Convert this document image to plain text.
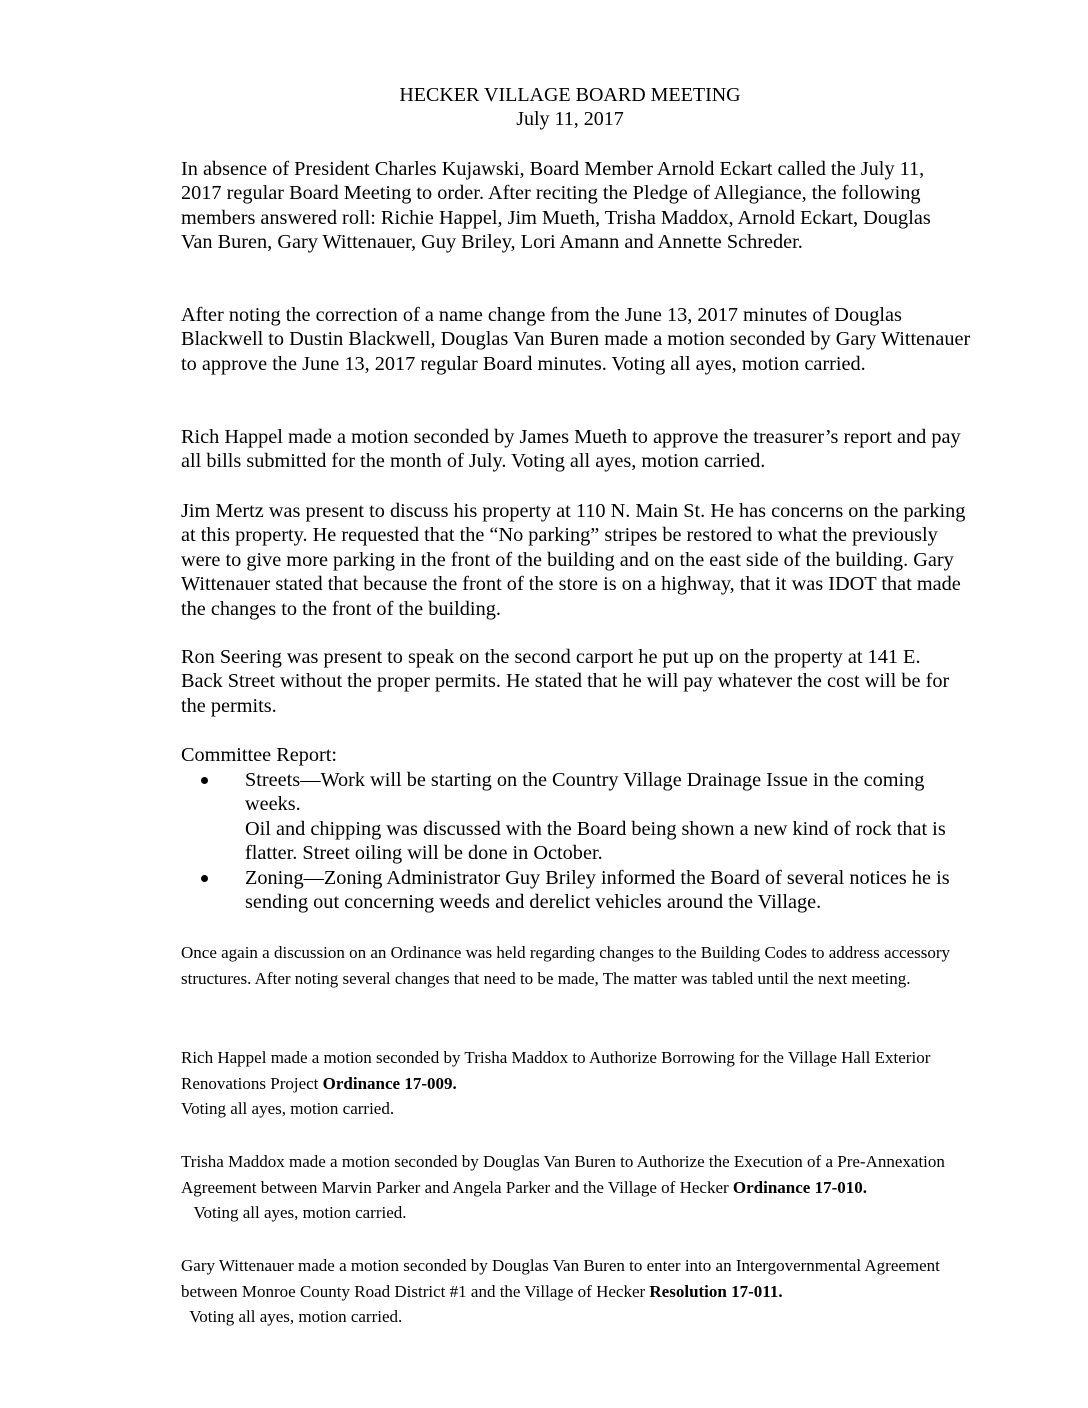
HECKER VILLAGE BOARD MEETING
July 11, 2017

In absence of President Charles Kujawski, Board Member Arnold Eckart called the July 11, 2017 regular Board Meeting to order. After reciting the Pledge of Allegiance, the following members answered roll: Richie Happel, Jim Mueth, Trisha Maddox, Arnold Eckart, Douglas Van Buren, Gary Wittenauer, Guy Briley, Lori Amann and Annette Schreder.

After noting the correction of a name change from the June 13, 2017 minutes of Douglas Blackwell to Dustin Blackwell, Douglas Van Buren made a motion seconded by Gary Wittenauer to approve the June 13, 2017 regular Board minutes. Voting all ayes, motion carried.

Rich Happel made a motion seconded by James Mueth to approve the treasurer’s report and pay all bills submitted for the month of July. Voting all ayes, motion carried.

Jim Mertz was present to discuss his property at 110 N. Main St. He has concerns on the parking at this property. He requested that the “No parking” stripes be restored to what the previously were to give more parking in the front of the building and on the east side of the building. Gary Wittenauer stated that because the front of the store is on a highway, that it was IDOT that made the changes to the front of the building.

Ron Seering was present to speak on the second carport he put up on the property at 141 E. Back Street without the proper permits. He stated that he will pay whatever the cost will be for the permits.

Committee Report:

Streets—Work will be starting on the Country Village Drainage Issue in the coming weeks.
Oil and chipping was discussed with the Board being shown a new kind of rock that is flatter. Street oiling will be done in October.
Zoning—Zoning Administrator Guy Briley informed the Board of several notices he is sending out concerning weeds and derelict vehicles around the Village.

Once again a discussion on an Ordinance was held regarding changes to the Building Codes to address accessory structures. After noting several changes that need to be made, The matter was tabled until the next meeting.

Rich Happel made a motion seconded by Trisha Maddox to Authorize Borrowing for the Village Hall Exterior Renovations Project Ordinance 17-009.
Voting all ayes, motion carried.

Trisha Maddox made a motion seconded by Douglas Van Buren to Authorize the Execution of a Pre-Annexation Agreement between Marvin Parker and Angela Parker and the Village of Hecker Ordinance 17-010.   Voting all ayes, motion carried.

Gary Wittenauer made a motion seconded by Douglas Van Buren to enter into an Intergovernmental Agreement between Monroe County Road District #1 and the Village of Hecker Resolution 17-011.  Voting all ayes, motion carried.
